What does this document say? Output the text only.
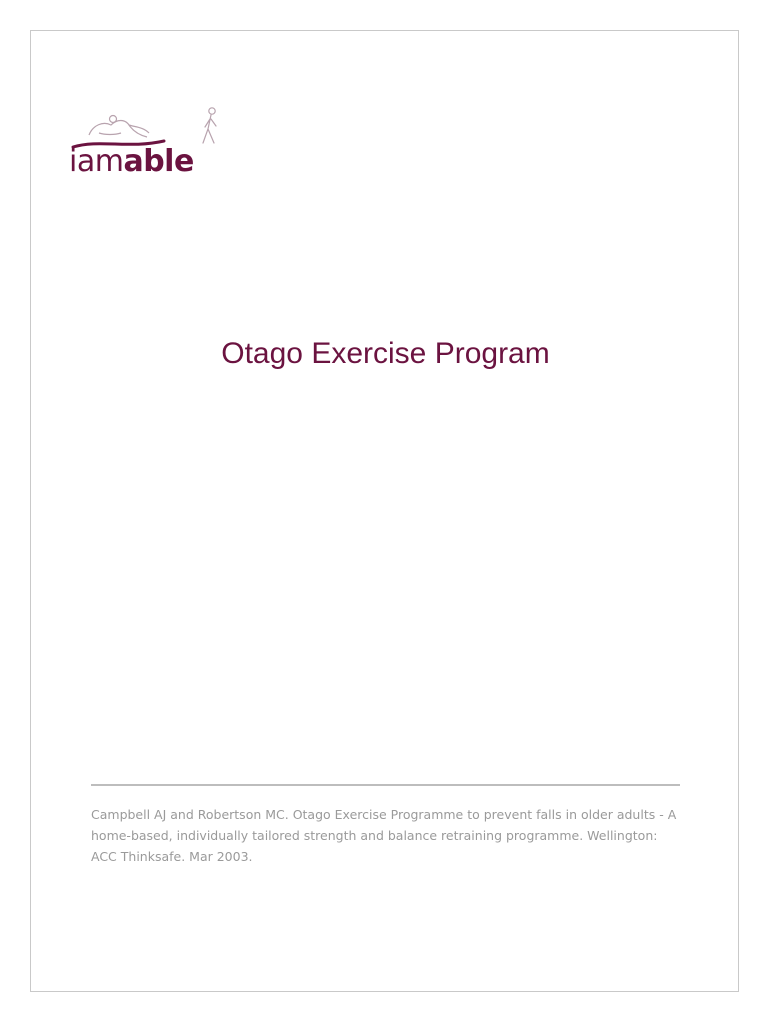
iamable
Otago Exercise Program

Campbell AJ and Robertson MC. Otago Exercise Programme to prevent falls in older adults - A home-based, individually tailored strength and balance retraining programme. Wellington: ACC Thinksafe. Mar 2003.
